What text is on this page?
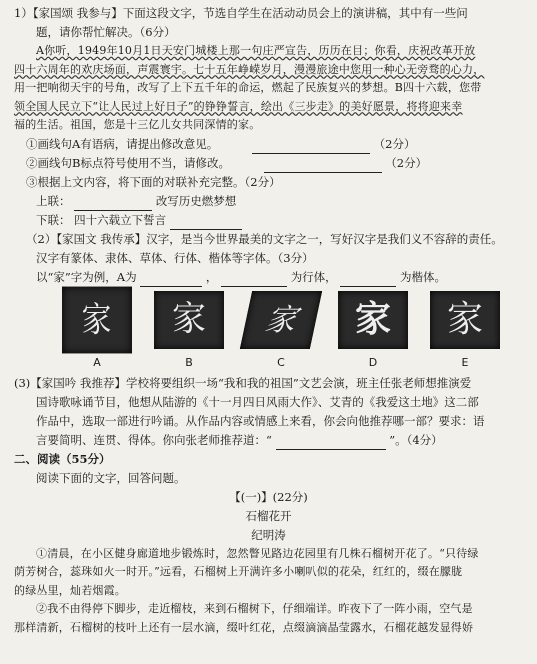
1）【家国颂 我参与】下面这段文字，节选自学生在活动动员会上的演讲稿，其中有一些问
题，请你帮忙解决。（6分）
A你听，1949年10月1日天安门城楼上那一句庄严宣告，历历在目；你看，庆祝改革开放
四十六周年的欢庆场面，声震寰宇。七十五年峥嵘岁月，漫漫旅途中您用一种心无旁骛的心力，
用一把响彻天宇的号角，改写了上下五千年的命运，燃起了民族复兴的梦想。B四十六载，您带
领全国人民立下“让人民过上好日子”的铮铮誓言，绘出《三步走》的美好愿景，将将迎来幸
福的生活。祖国，您是十三亿儿女共同深情的家。
①画线句A有语病，请提出修改意见。	（2分）
②画线句B标点符号使用不当，请修改。	（2分）
③根据上文内容，将下面的对联补充完整。（2分）
上联：	改写历史燃梦想
下联： 四十六载立下誓言
（2）【家国文 我传承】汉字，是当今世界最美的文字之一，写好汉字是我们义不容辞的责任。
汉字有篆体、隶体、草体、行体、楷体等字体。（3分）
以“家”字为例，A为	，	为行体，	为楷体。
家
A
家
B
家
C
家
D
家
E
(3)【家国吟 我推荐】学校将要组织一场“我和我的祖国”文艺会演，班主任张老师想推演爱
国诗歌咏诵节目，他想从陆游的《十一月四日风雨大作》、艾青的《我爱这土地》这二部
作品中，选取一部进行吟诵。从作品内容或情感上来看，你会向他推荐哪一部？要求：语
言要简明、连贯、得体。你向张老师推荐道：“	”。（4分）
二、阅读（55分）
阅读下面的文字，回答问题。
【(一)】(22分)
石榴花开
纪明涛
①清晨，在小区健身廊道地步锻炼时，忽然瞥见路边花园里有几株石榴树开花了。“只待绿
荫芳树合，蕊珠如火一时开。”远看，石榴树上开满许多小喇叭似的花朵，红红的，缀在朦胧
的绿丛里，灿若烟霞。
②我不由得停下脚步，走近榴枝，来到石榴树下，仔细端详。昨夜下了一阵小雨，空气是
那样清新，石榴树的枝叶上还有一层水滴，缀叶红花，点缀滴滴晶莹露水，石榴花越发显得娇
